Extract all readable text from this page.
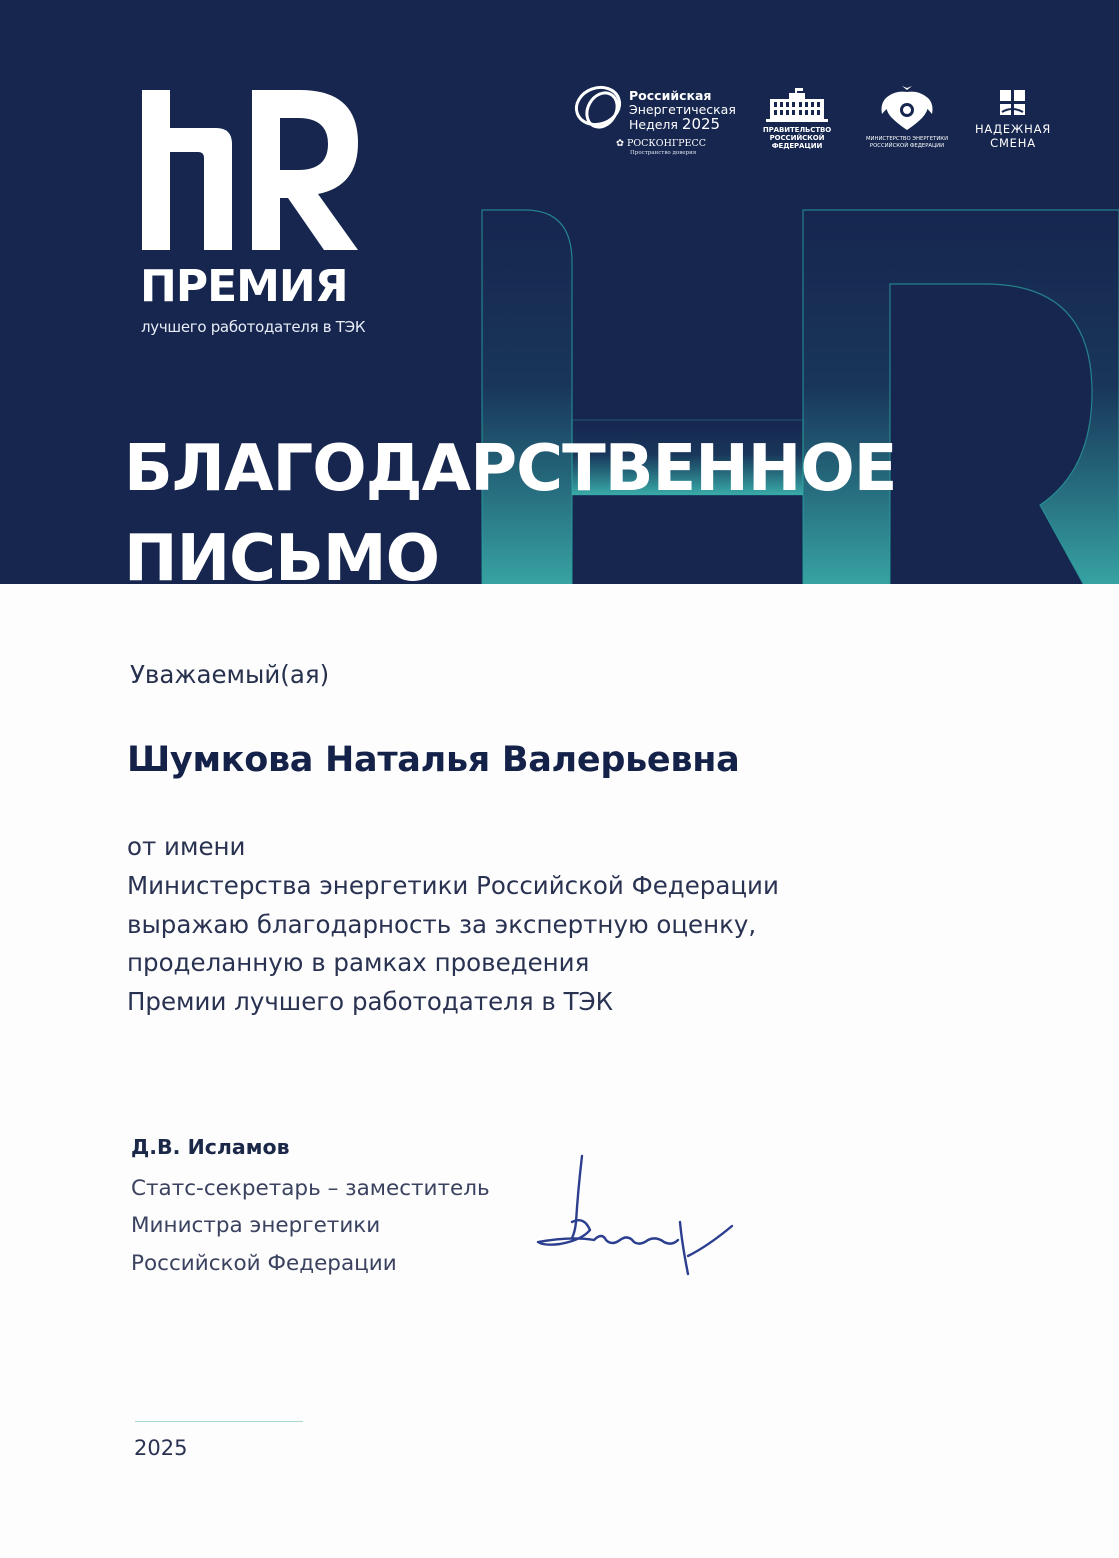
ПРЕМИЯ
лучшего работодателя в ТЭК
БЛАГОДАРСТВЕННОЕ
ПИСЬМО
Российская
Энергетическая
Неделя 2025
✿ РОСКОНГРЕСС
Пространство доверия
ПРАВИТЕЛЬСТВО
РОССИЙСКОЙ
ФЕДЕРАЦИИ
МИНИСТЕРСТВО ЭНЕРГЕТИКИ
РОССИЙСКОЙ ФЕДЕРАЦИИ
НАДЕЖНАЯ
СМЕНА
Уважаемый(ая)
Шумкова Наталья Валерьевна
от имени
Министерства энергетики Российской Федерации
выражаю благодарность за экспертную оценку,
проделанную в рамках проведения
Премии лучшего работодателя в ТЭК
Д.В. Исламов
Статс-секретарь – заместитель
Министра энергетики
Российской Федерации
2025
